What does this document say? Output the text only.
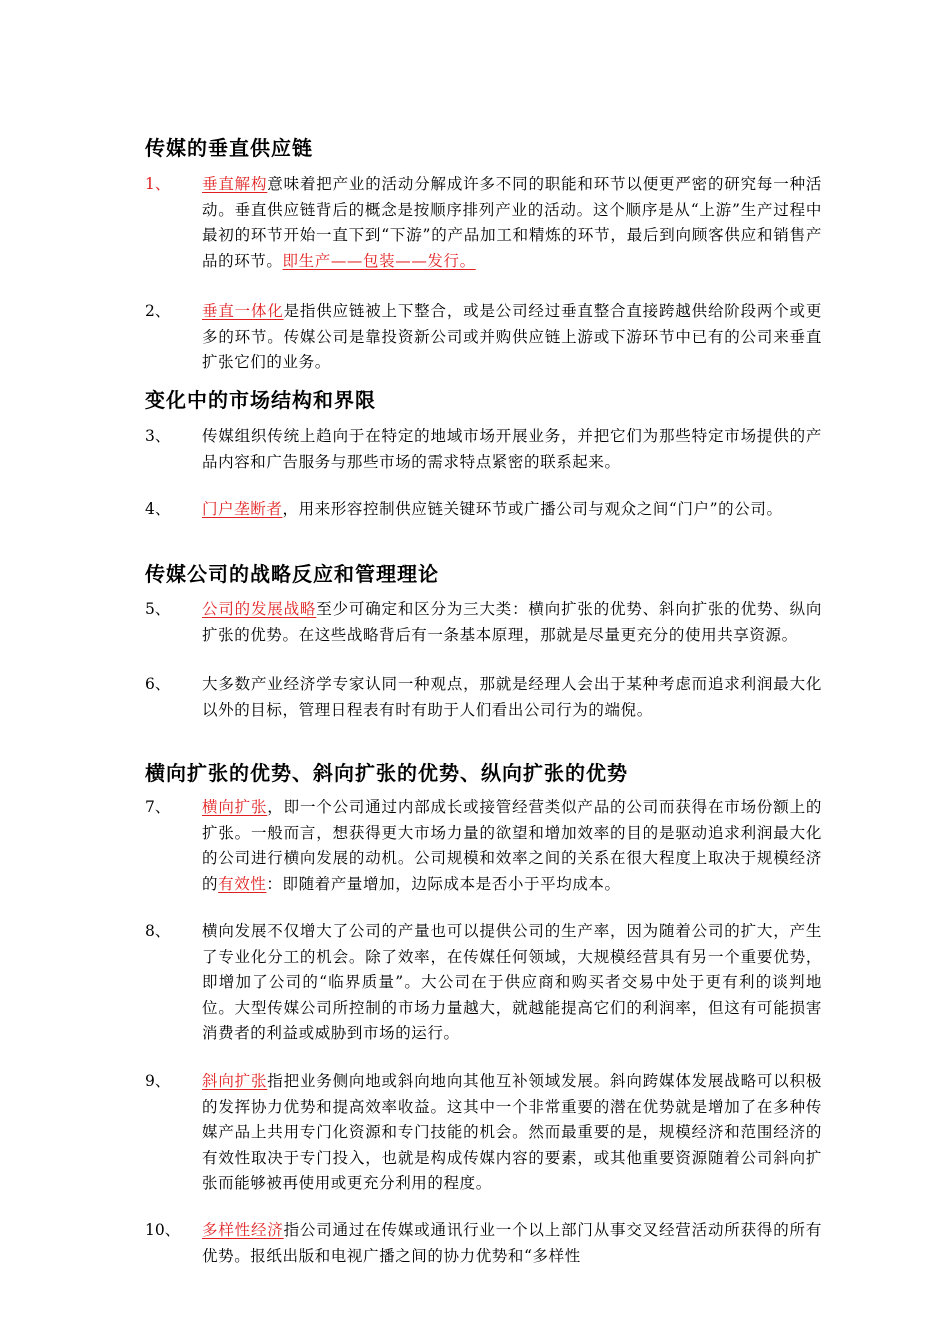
传媒的垂直供应链
1、 垂直解构意味着把产业的活动分解成许多不同的职能和环节以便更严密的研究每一种活动。垂直供应链背后的概念是按顺序排列产业的活动。这个顺序是从“上游”生产过程中最初的环节开始一直下到“下游”的产品加工和精炼的环节，最后到向顾客供应和销售产品的环节。即生产——包装——发行。
2、 垂直一体化是指供应链被上下整合，或是公司经过垂直整合直接跨越供给阶段两个或更多的环节。传媒公司是靠投资新公司或并购供应链上游或下游环节中已有的公司来垂直扩张它们的业务。
变化中的市场结构和界限
3、 传媒组织传统上趋向于在特定的地域市场开展业务，并把它们为那些特定市场提供的产品内容和广告服务与那些市场的需求特点紧密的联系起来。
4、 门户垄断者，用来形容控制供应链关键环节或广播公司与观众之间“门户”的公司。
传媒公司的战略反应和管理理论
5、 公司的发展战略至少可确定和区分为三大类：横向扩张的优势、斜向扩张的优势、纵向扩张的优势。在这些战略背后有一条基本原理，那就是尽量更充分的使用共享资源。
6、 大多数产业经济学专家认同一种观点，那就是经理人会出于某种考虑而追求利润最大化以外的目标，管理日程表有时有助于人们看出公司行为的端倪。
横向扩张的优势、斜向扩张的优势、纵向扩张的优势
7、 横向扩张，即一个公司通过内部成长或接管经营类似产品的公司而获得在市场份额上的扩张。一般而言，想获得更大市场力量的欲望和增加效率的目的是驱动追求利润最大化的公司进行横向发展的动机。公司规模和效率之间的关系在很大程度上取决于规模经济的有效性：即随着产量增加，边际成本是否小于平均成本。
8、 横向发展不仅增大了公司的产量也可以提供公司的生产率，因为随着公司的扩大，产生了专业化分工的机会。除了效率，在传媒任何领域，大规模经营具有另一个重要优势，即增加了公司的“临界质量”。大公司在于供应商和购买者交易中处于更有利的谈判地位。大型传媒公司所控制的市场力量越大，就越能提高它们的利润率，但这有可能损害消费者的利益或威胁到市场的运行。
9、 斜向扩张指把业务侧向地或斜向地向其他互补领域发展。斜向跨媒体发展战略可以积极的发挥协力优势和提高效率收益。这其中一个非常重要的潜在优势就是增加了在多种传媒产品上共用专门化资源和专门技能的机会。然而最重要的是，规模经济和范围经济的有效性取决于专门投入，也就是构成传媒内容的要素，或其他重要资源随着公司斜向扩张而能够被再使用或更充分利用的程度。
10、 多样性经济指公司通过在传媒或通讯行业一个以上部门从事交叉经营活动所获得的所有优势。报纸出版和电视广播之间的协力优势和“多样性
